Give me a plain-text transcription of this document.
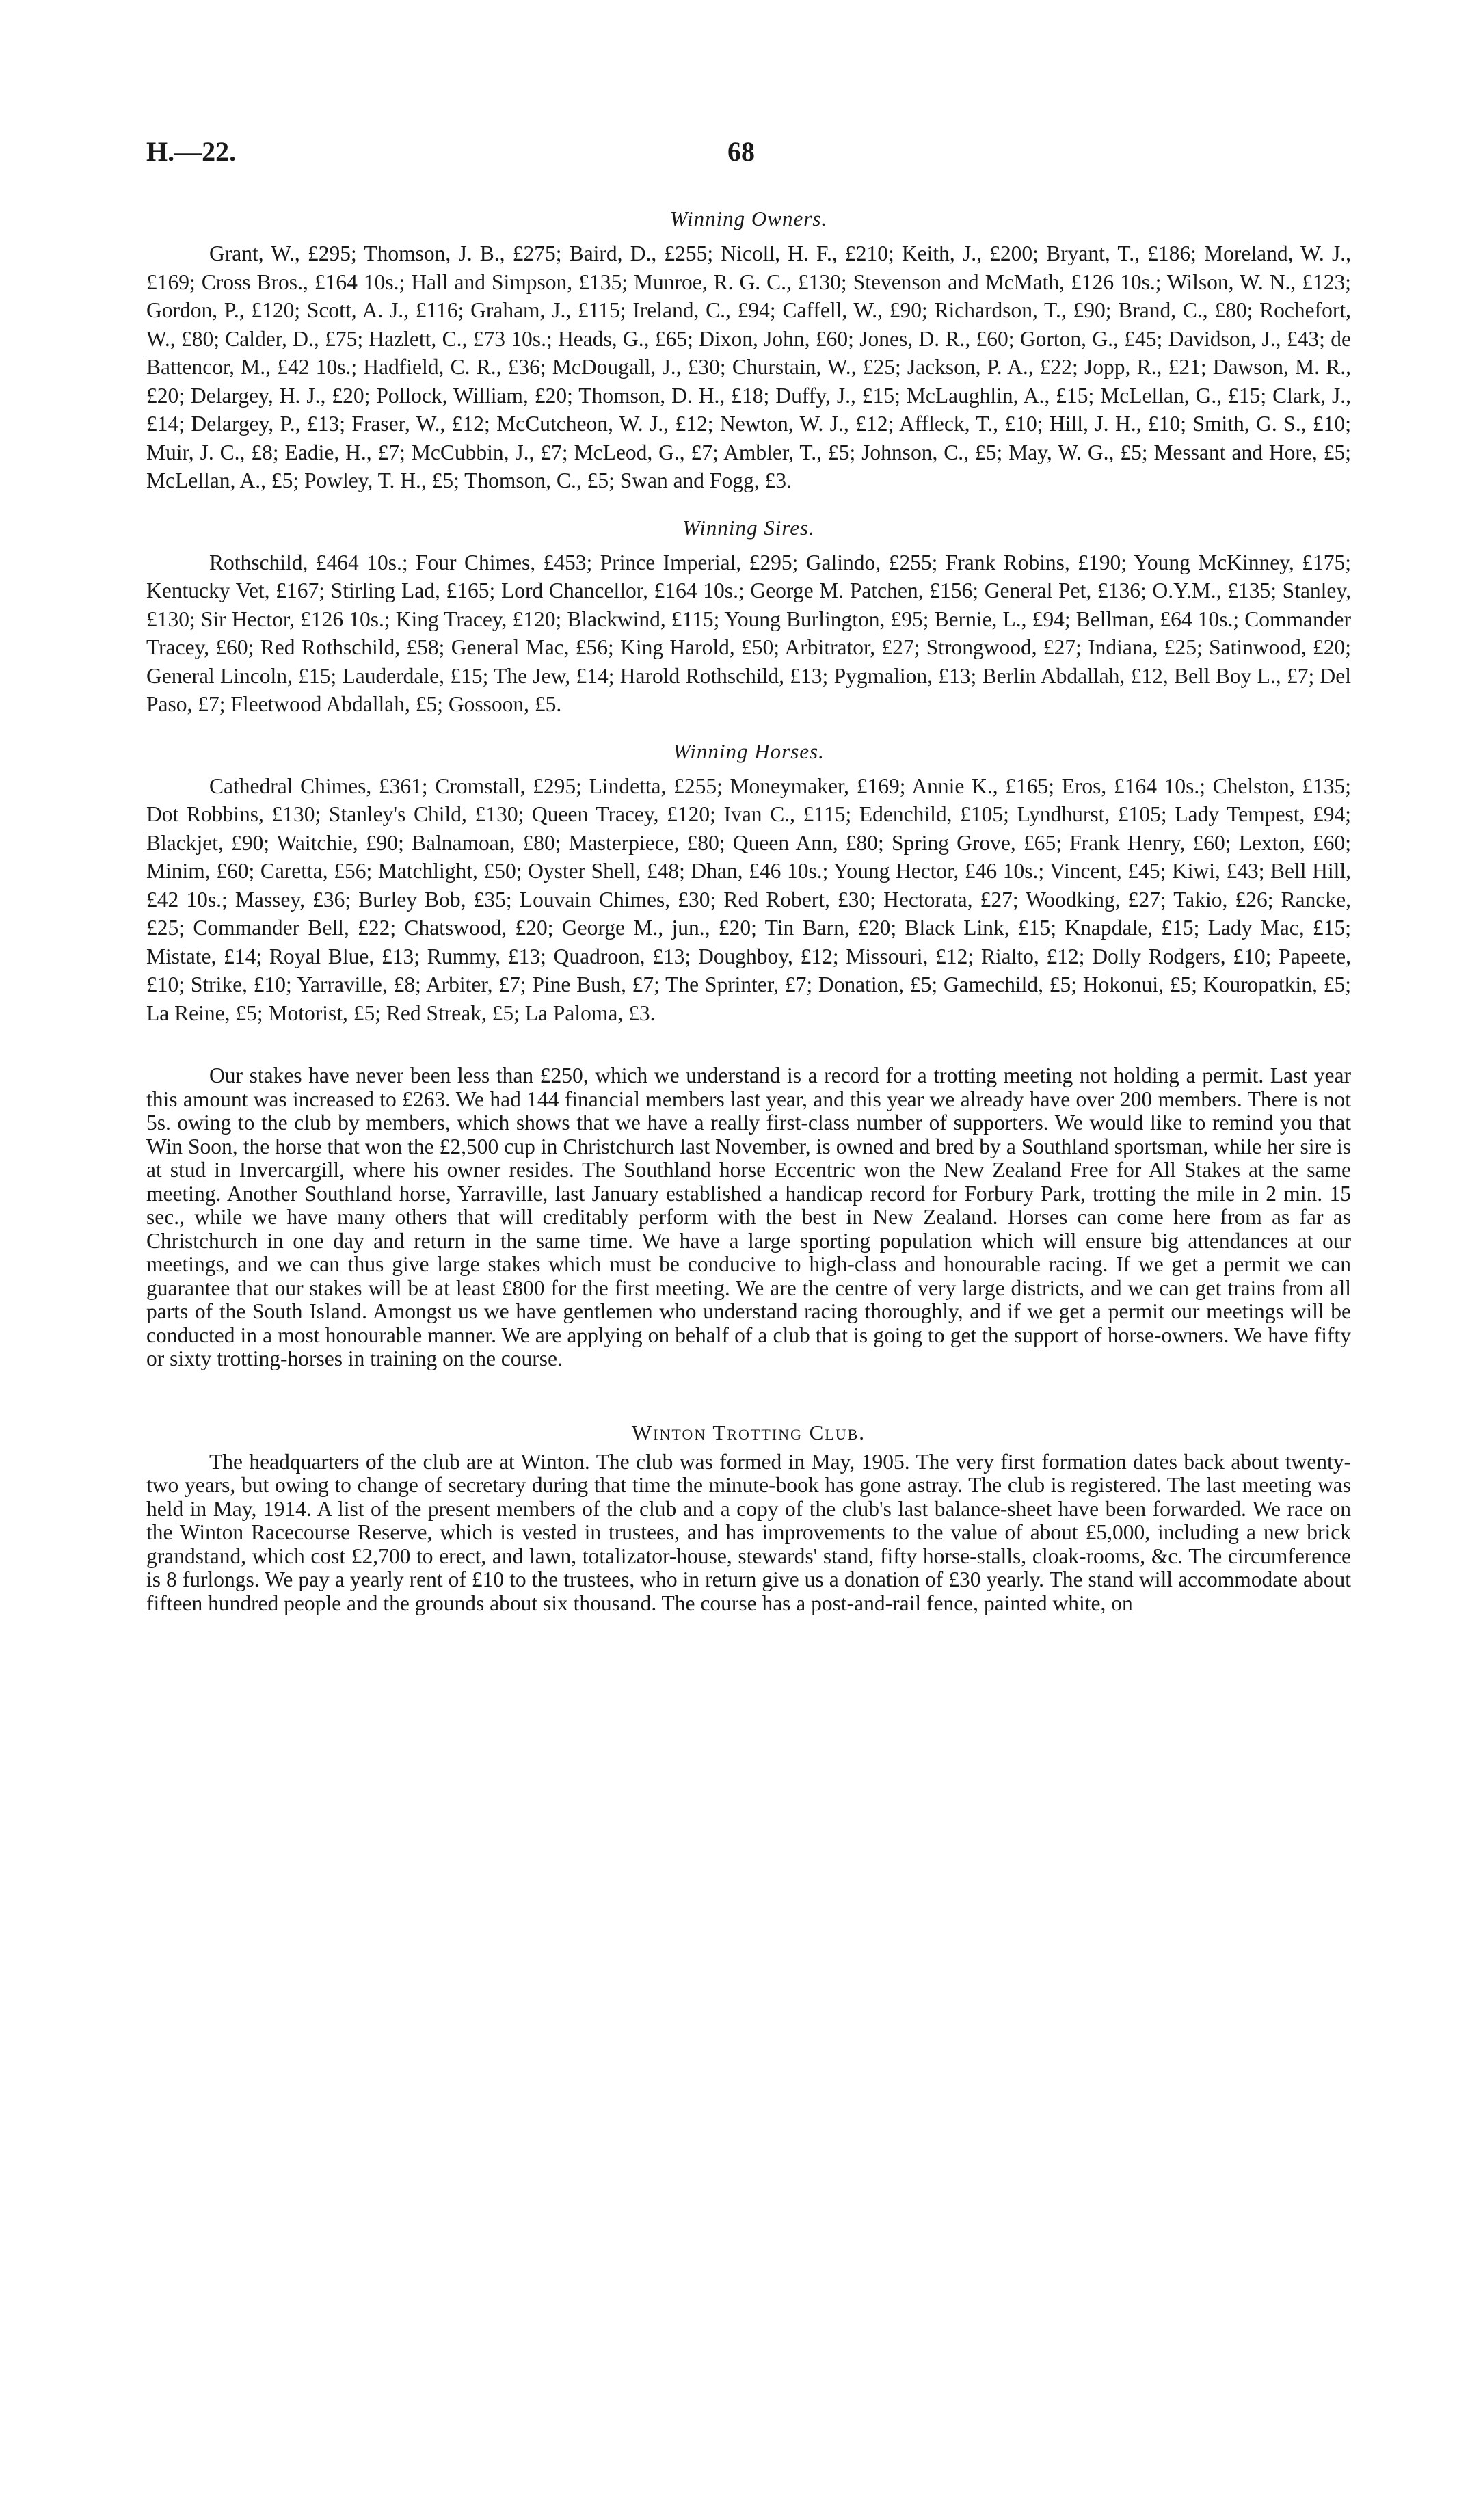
H.—22.	68

Winning Owners.

Grant, W., £295; Thomson, J. B., £275; Baird, D., £255; Nicoll, H. F., £210; Keith, J., £200; Bryant, T., £186; Moreland, W. J., £169; Cross Bros., £164 10s.; Hall and Simpson, £135; Munroe, R. G. C., £130; Stevenson and McMath, £126 10s.; Wilson, W. N., £123; Gordon, P., £120; Scott, A. J., £116; Graham, J., £115; Ireland, C., £94; Caffell, W., £90; Richardson, T., £90; Brand, C., £80; Rochefort, W., £80; Calder, D., £75; Hazlett, C., £73 10s.; Heads, G., £65; Dixon, John, £60; Jones, D. R., £60; Gorton, G., £45; Davidson, J., £43; de Battencor, M., £42 10s.; Hadfield, C. R., £36; McDougall, J., £30; Churstain, W., £25; Jackson, P. A., £22; Jopp, R., £21; Dawson, M. R., £20; Delargey, H. J., £20; Pollock, William, £20; Thomson, D. H., £18; Duffy, J., £15; McLaughlin, A., £15; McLellan, G., £15; Clark, J., £14; Delargey, P., £13; Fraser, W., £12; McCutcheon, W. J., £12; Newton, W. J., £12; Affleck, T., £10; Hill, J. H., £10; Smith, G. S., £10; Muir, J. C., £8; Eadie, H., £7; McCubbin, J., £7; McLeod, G., £7; Ambler, T., £5; Johnson, C., £5; May, W. G., £5; Messant and Hore, £5; McLellan, A., £5; Powley, T. H., £5; Thomson, C., £5; Swan and Fogg, £3.

Winning Sires.

Rothschild, £464 10s.; Four Chimes, £453; Prince Imperial, £295; Galindo, £255; Frank Robins, £190; Young McKinney, £175; Kentucky Vet, £167; Stirling Lad, £165; Lord Chancellor, £164 10s.; George M. Patchen, £156; General Pet, £136; O.Y.M., £135; Stanley, £130; Sir Hector, £126 10s.; King Tracey, £120; Blackwind, £115; Young Burlington, £95; Bernie, L., £94; Bellman, £64 10s.; Commander Tracey, £60; Red Rothschild, £58; General Mac, £56; King Harold, £50; Arbitrator, £27; Strongwood, £27; Indiana, £25; Satinwood, £20; General Lincoln, £15; Lauderdale, £15; The Jew, £14; Harold Rothschild, £13; Pygmalion, £13; Berlin Abdallah, £12, Bell Boy L., £7; Del Paso, £7; Fleetwood Abdallah, £5; Gossoon, £5.

Winning Horses.

Cathedral Chimes, £361; Cromstall, £295; Lindetta, £255; Moneymaker, £169; Annie K., £165; Eros, £164 10s.; Chelston, £135; Dot Robbins, £130; Stanley's Child, £130; Queen Tracey, £120; Ivan C., £115; Edenchild, £105; Lyndhurst, £105; Lady Tempest, £94; Blackjet, £90; Waitchie, £90; Balnamoan, £80; Masterpiece, £80; Queen Ann, £80; Spring Grove, £65; Frank Henry, £60; Lexton, £60; Minim, £60; Caretta, £56; Matchlight, £50; Oyster Shell, £48; Dhan, £46 10s.; Young Hector, £46 10s.; Vincent, £45; Kiwi, £43; Bell Hill, £42 10s.; Massey, £36; Burley Bob, £35; Louvain Chimes, £30; Red Robert, £30; Hectorata, £27; Woodking, £27; Takio, £26; Rancke, £25; Commander Bell, £22; Chatswood, £20; George M., jun., £20; Tin Barn, £20; Black Link, £15; Knapdale, £15; Lady Mac, £15; Mistate, £14; Royal Blue, £13; Rummy, £13; Quadroon, £13; Doughboy, £12; Missouri, £12; Rialto, £12; Dolly Rodgers, £10; Papeete, £10; Strike, £10; Yarraville, £8; Arbiter, £7; Pine Bush, £7; The Sprinter, £7; Donation, £5; Gamechild, £5; Hokonui, £5; Kouropatkin, £5; La Reine, £5; Motorist, £5; Red Streak, £5; La Paloma, £3.

Our stakes have never been less than £250, which we understand is a record for a trotting meeting not holding a permit. Last year this amount was increased to £263. We had 144 financial members last year, and this year we already have over 200 members. There is not 5s. owing to the club by members, which shows that we have a really first-class number of supporters. We would like to remind you that Win Soon, the horse that won the £2,500 cup in Christchurch last November, is owned and bred by a Southland sportsman, while her sire is at stud in Invercargill, where his owner resides. The Southland horse Eccentric won the New Zealand Free for All Stakes at the same meeting. Another Southland horse, Yarraville, last January established a handicap record for Forbury Park, trotting the mile in 2 min. 15 sec., while we have many others that will creditably perform with the best in New Zealand. Horses can come here from as far as Christchurch in one day and return in the same time. We have a large sporting population which will ensure big attendances at our meetings, and we can thus give large stakes which must be conducive to high-class and honourable racing. If we get a permit we can guarantee that our stakes will be at least £800 for the first meeting. We are the centre of very large districts, and we can get trains from all parts of the South Island. Amongst us we have gentlemen who understand racing thoroughly, and if we get a permit our meetings will be conducted in a most honourable manner. We are applying on behalf of a club that is going to get the support of horse-owners. We have fifty or sixty trotting-horses in training on the course.

Winton Trotting Club.

The headquarters of the club are at Winton. The club was formed in May, 1905. The very first formation dates back about twenty-two years, but owing to change of secretary during that time the minute-book has gone astray. The club is registered. The last meeting was held in May, 1914. A list of the present members of the club and a copy of the club's last balance-sheet have been forwarded. We race on the Winton Racecourse Reserve, which is vested in trustees, and has improvements to the value of about £5,000, including a new brick grandstand, which cost £2,700 to erect, and lawn, totalizator-house, stewards' stand, fifty horse-stalls, cloak-rooms, &c. The circumference is 8 furlongs. We pay a yearly rent of £10 to the trustees, who in return give us a donation of £30 yearly. The stand will accommodate about fifteen hundred people and the grounds about six thousand. The course has a post-and-rail fence, painted white, on
